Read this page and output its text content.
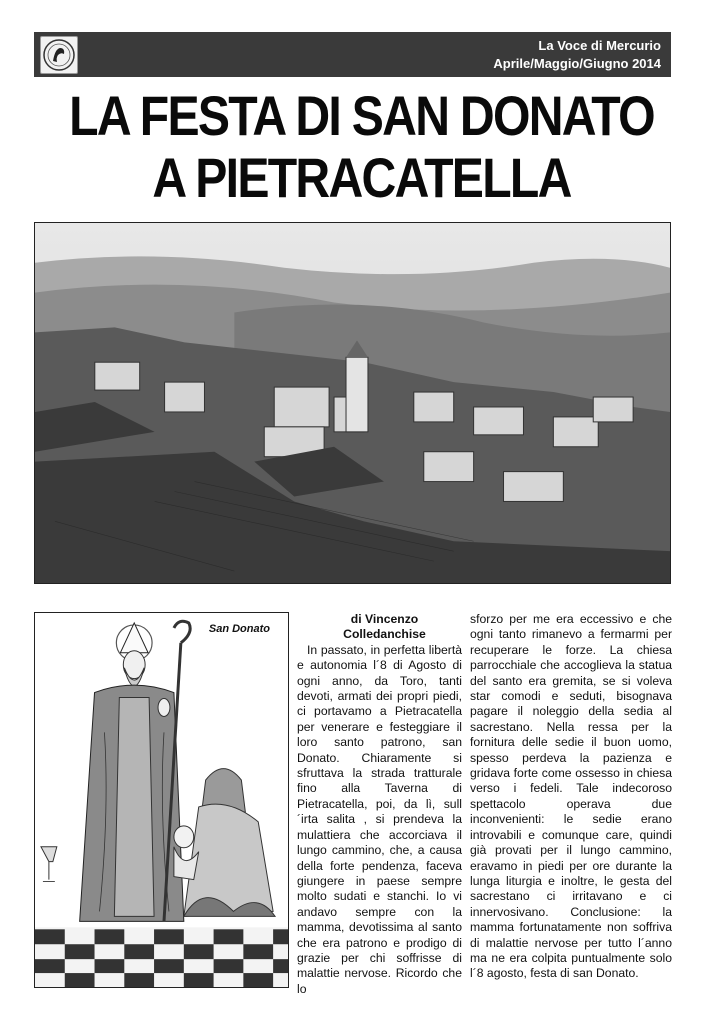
La Voce di Mercurio
Aprile/Maggio/Giugno 2014
LA FESTA DI SAN DONATO
A PIETRACATELLA
San Donato

di Vincenzo

Colledanchise

In passato, in perfetta libertà e autonomia l´8 di Agosto di ogni anno, da Toro, tanti devoti, armati dei propri piedi, ci portavamo a Pietracatella per venerare e festeggiare il loro santo patrono, san Donato. Chiaramente si sfruttava la strada tratturale fino alla Taverna di Pietracatella, poi, da lì, sull´irta salita , si prendeva la mulattiera che accorciava il lungo cammino, che, a causa della forte pendenza, faceva giungere in paese sempre molto sudati e stanchi. Io vi andavo sempre con la mamma, devotissima al santo che era patrono e prodigo di grazie per chi soffrisse di malattie nervose. Ricordo che lo

sforzo per me era eccessivo e che ogni tanto rimanevo a fermarmi per recuperare le forze. La chiesa parrocchiale che accoglieva la statua del santo era gremita, se si voleva star comodi e seduti, bisognava pagare il noleggio della sedia al sacrestano. Nella ressa per la fornitura delle sedie il buon uomo, spesso perdeva la pazienza e gridava forte come ossesso in chiesa verso i fedeli. Tale indecoroso spettacolo operava due inconvenienti: le sedie erano introvabili e comunque care, quindi già provati per il lungo cammino, eravamo in piedi per ore durante la lunga liturgia e inoltre, le gesta del sacrestano ci irritavano e ci innervosivano. Conclusione: la mamma fortunatamente non soffriva di malattie nervose per tutto l´anno ma ne era colpita puntualmente solo l´8 agosto, festa di san Donato.
